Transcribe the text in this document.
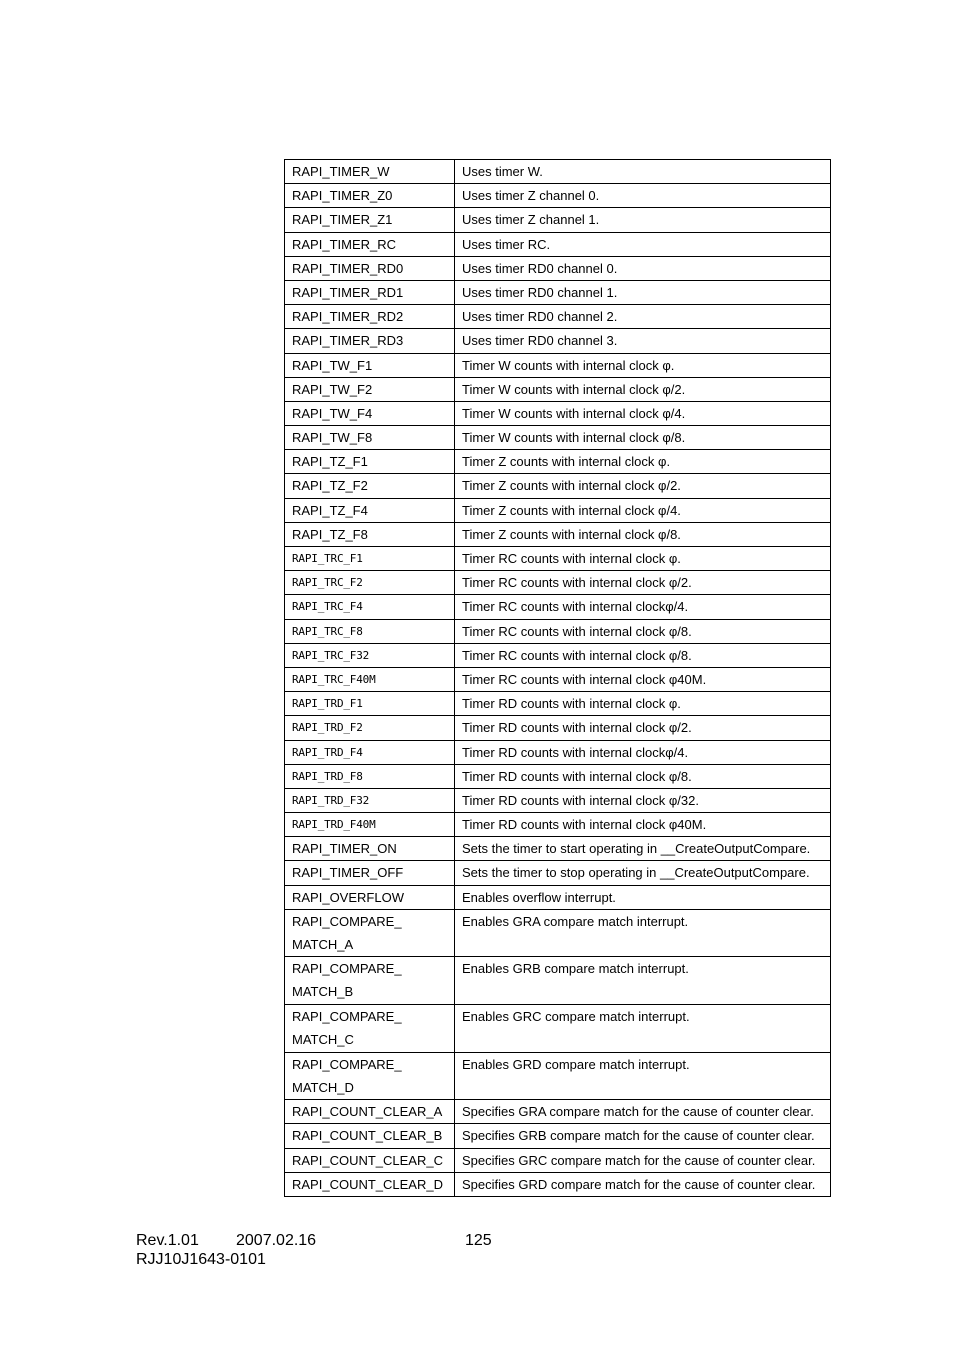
RAPI_TIMER_W	Uses timer W.
RAPI_TIMER_Z0	Uses timer Z channel 0.
RAPI_TIMER_Z1	Uses timer Z channel 1.
RAPI_TIMER_RC	Uses timer RC.
RAPI_TIMER_RD0	Uses timer RD0 channel 0.
RAPI_TIMER_RD1	Uses timer RD0 channel 1.
RAPI_TIMER_RD2	Uses timer RD0 channel 2.
RAPI_TIMER_RD3	Uses timer RD0 channel 3.
RAPI_TW_F1	Timer W counts with internal clock φ.
RAPI_TW_F2	Timer W counts with internal clock φ/2.
RAPI_TW_F4	Timer W counts with internal clock φ/4.
RAPI_TW_F8	Timer W counts with internal clock φ/8.
RAPI_TZ_F1	Timer Z counts with internal clock φ.
RAPI_TZ_F2	Timer Z counts with internal clock φ/2.
RAPI_TZ_F4	Timer Z counts with internal clock φ/4.
RAPI_TZ_F8	Timer Z counts with internal clock φ/8.
RAPI_TRC_F1	Timer RC counts with internal clock φ.
RAPI_TRC_F2	Timer RC counts with internal clock φ/2.
RAPI_TRC_F4	Timer RC counts with internal clockφ/4.
RAPI_TRC_F8	Timer RC counts with internal clock φ/8.
RAPI_TRC_F32	Timer RC counts with internal clock φ/8.
RAPI_TRC_F40M	Timer RC counts with internal clock φ40M.
RAPI_TRD_F1	Timer RD counts with internal clock φ.
RAPI_TRD_F2	Timer RD counts with internal clock φ/2.
RAPI_TRD_F4	Timer RD counts with internal clockφ/4.
RAPI_TRD_F8	Timer RD counts with internal clock φ/8.
RAPI_TRD_F32	Timer RD counts with internal clock φ/32.
RAPI_TRD_F40M	Timer RD counts with internal clock φ40M.
RAPI_TIMER_ON	Sets the timer to start operating in __CreateOutputCompare.
RAPI_TIMER_OFF	Sets the timer to stop operating in __CreateOutputCompare.
RAPI_OVERFLOW	Enables overflow interrupt.
RAPI_COMPARE_ MATCH_A	Enables GRA compare match interrupt.
RAPI_COMPARE_ MATCH_B	Enables GRB compare match interrupt.
RAPI_COMPARE_ MATCH_C	Enables GRC compare match interrupt.
RAPI_COMPARE_ MATCH_D	Enables GRD compare match interrupt.
RAPI_COUNT_CLEAR_A	Specifies GRA compare match for the cause of counter clear.
RAPI_COUNT_CLEAR_B	Specifies GRB compare match for the cause of counter clear.
RAPI_COUNT_CLEAR_C	Specifies GRC compare match for the cause of counter clear.
RAPI_COUNT_CLEAR_D	Specifies GRD compare match for the cause of counter clear.
Rev.1.01 2007.02.16	125
RJJ10J1643-0101
